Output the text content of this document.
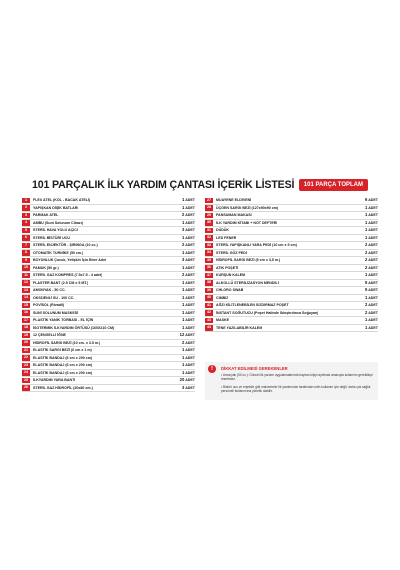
101 PARÇALIK İLK YARDIM ÇANTASI İÇERİK LİSTESİ	101 PARÇA TOPLAM
1	FLEX ATEL (KOL - BACAK ATELİ)	1 ADET
2	YAPIŞKAN DİŞİK BATLARI	1 ADET
3	PARMAK ATEL	2 ADET
4	AMBU (Suni Solunum Cihazı)	1 ADET
5	STERİL HAVA YOLU AÇICI	3 ADET
6	STERİL BİSTÜRİ UCU	1 ADET
7	STERİL ENJEKTÖR - ŞIRINGA (10 cc.)	2 ADET
8	OTOMATİK TURNİKE (50 cm.)	1 ADET
9	BOYUNLUK Çocuk, Yetişkin İçin Birer Adet	3 ADET
10	PAMUK (50 gr.)	1 ADET
11	STERİL GAZ KOMPRES (7.5x7.5 - 4 adet)	2 ADET
12	FLASTER BANT (2.5 CM x 5 MT.)	1 ADET
13	AMONYAK - 50 CC.	1 ADET
14	OKSİJENLİ SU - 100 CC.	1 ADET
15	POVİSOL (Rivadil)	1 ADET
16	SUNİ SOLUNUM MASKESİ	1 ADET
17	PLASTİK YANIK TORBASI - EL İÇİN	1 ADET
18	İSOTERMİK İLKYARDIM ÖRTÜSÜ (160X210 CM)	1 ADET
19	12 ÇENGELLİ İĞNE	12 ADET
20	HİDROFİL SARGI BEZİ (10 cm. x 3.5 m.)	2 ADET
21	ELASTİK SARGI BEZİ (6 cm x 1 m)	1 ADET
22	ELASTİK BANDAJ (6 cm x 200 cm)	1 ADET
23	ELASTİK BANDAJ (6 cm x 200 cm)	1 ADET
24	ELASTİK BANDAJ (6 cm x 200 cm)	1 ADET
25	İLKYARDIM YARA BANTI	20 ADET
26	STERİL GAZ HİDROFİL (20x80 cm.)	3 ADET
27	MUAYENE ELDİVENİ	6 ADET
28	ÜÇGEN SARGI BEZİ (127x90x90 cm)	1 ADET
29	PANSUMAN MAKASI	1 ADET
30	İLK YARDIM KİTABI + NOT DEFTERİ	1 ADET
31	DÜDÜK	1 ADET
32	LED FENER	1 ADET
33	STERİL YAPIŞKANLI YARA PEDİ (10 cm x 9 cm)	2 ADET
34	STERİL GÖZ PEDİ	2 ADET
35	HİDROFİL SARGI BEZİ (5 cm x 3,5 m.)	2 ADET
36	ATIK POŞETİ	2 ADET
37	KURŞUN KALEM	1 ADET
38	ALKOLLÜ STERİLİZASYON MENDİLİ	5 ADET
39	CHLORO SWAB	5 ADET
40	CIMBIZ	1 ADET
41	AĞZI KİLİTLENEBİLEN SIZDIRMAZ POŞET	2 ADET
42	İNSTANT SOĞUTUCU (Poşet Halinde Sıkıştırılınca Soğuyan)	2 ADET
43	MASKE	1 ADET
44	TENE YAZILABİLİR KALEM	1 ADET
!	DİKKAT EDİLMESİ GEREKENLER
• Amonyak (50 cc.): Güncel ilk yardım uygulamalarında bayılan kişiyi ayıltmak amacıyla kullanımı gerektikçe önerilmez.
• Bistüri ucu ve enjektör gibi malzemeler ilk yardımcılar tarafından rutin kullanım için değil, daha çok sağlık personeli kullanımına yönelik olabilir.
